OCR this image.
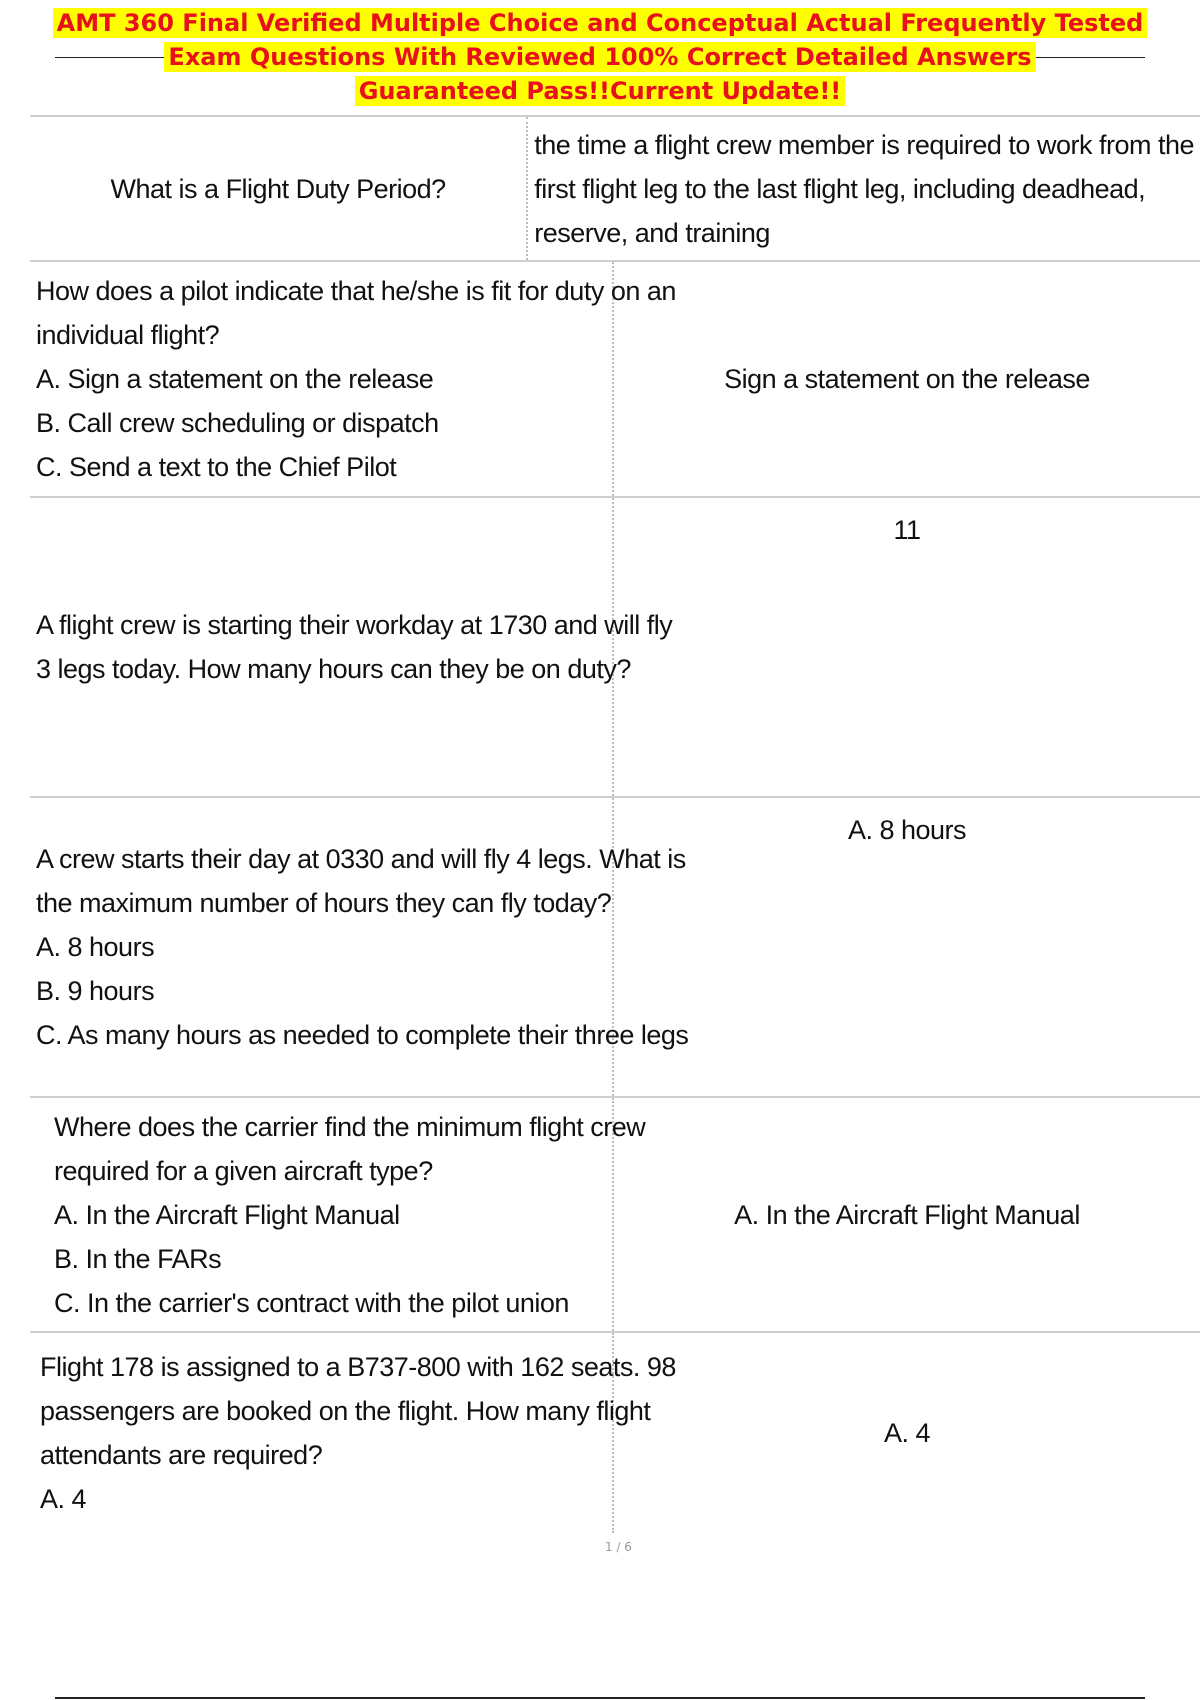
AMT 360 Final Verified Multiple Choice and Conceptual Actual Frequently Tested
Exam Questions With Reviewed 100% Correct Detailed Answers
Guaranteed Pass!!Current Update!!
What is a Flight Duty Period?
the time a flight crew member is required to work from the
first flight leg to the last flight leg, including deadhead,
reserve, and training
How does a pilot indicate that he/she is fit for duty on an
individual flight?
A. Sign a statement on the release
B. Call crew scheduling or dispatch
C. Send a text to the Chief Pilot
Sign a statement on the release
A flight crew is starting their workday at 1730 and will fly
3 legs today. How many hours can they be on duty?
11
A crew starts their day at 0330 and will fly 4 legs. What is
the maximum number of hours they can fly today?
A. 8 hours
B. 9 hours
C. As many hours as needed to complete their three legs
A. 8 hours
Where does the carrier find the minimum flight crew
required for a given aircraft type?
A. In the Aircraft Flight Manual
B. In the FARs
C. In the carrier's contract with the pilot union
A. In the Aircraft Flight Manual
Flight 178 is assigned to a B737-800 with 162 seats. 98
passengers are booked on the flight. How many flight
attendants are required?
A. 4
A. 4
1 / 6
